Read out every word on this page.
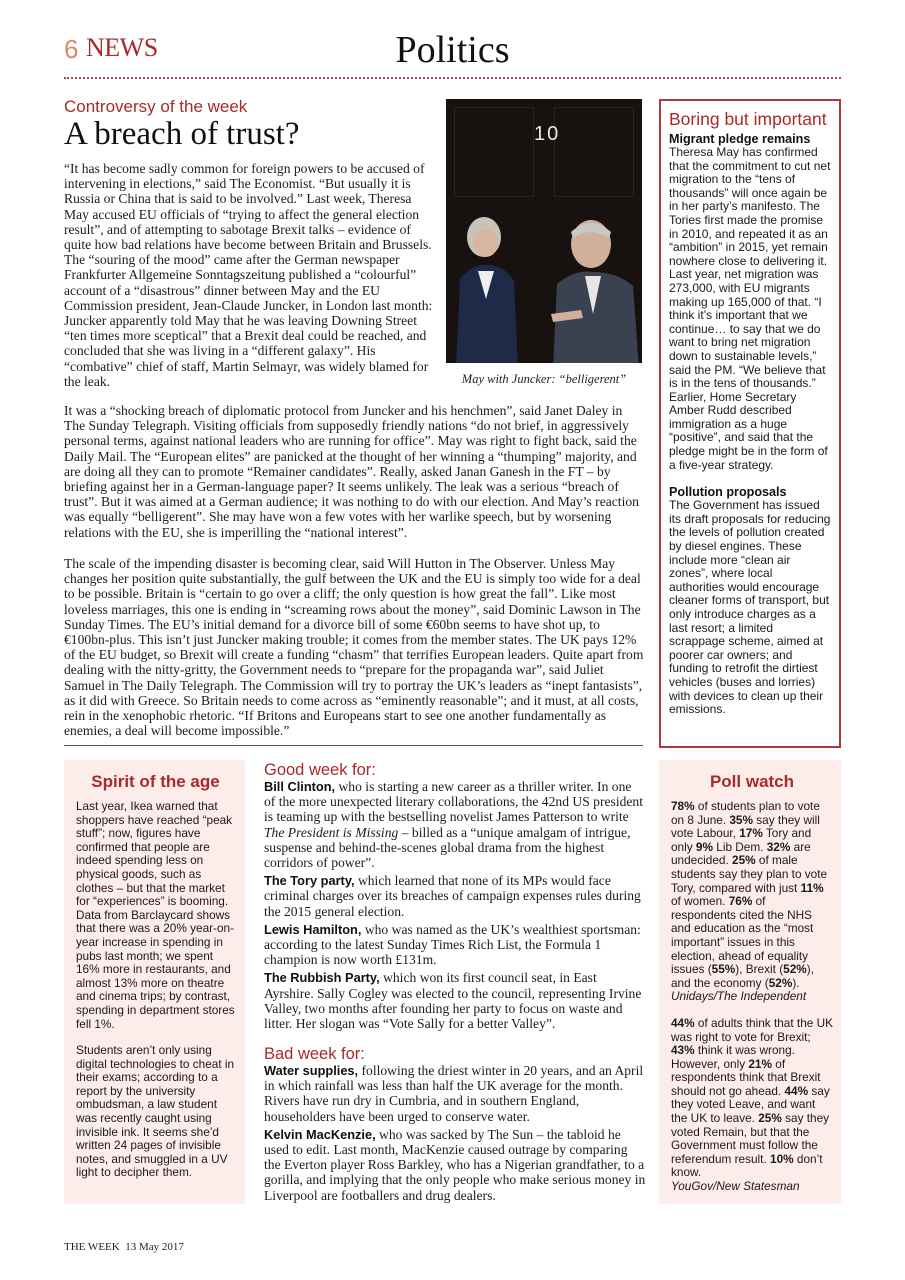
6 NEWS	Politics
Controversy of the week
A breach of trust?

“It has become sadly common for foreign powers to be accused of intervening in elections,” said The Economist. “But usually it is Russia or China that is said to be involved.” Last week, Theresa May accused EU officials of “trying to affect the general election result”, and of attempting to sabotage Brexit talks – evidence of quite how bad relations have become between Britain and Brussels. The “souring of the mood” came after the German newspaper Frankfurter Allgemeine Sonntagszeitung published a “colourful” account of a “disastrous” dinner between May and the EU Commission president, Jean-Claude Juncker, in London last month: Juncker apparently told May that he was leaving Downing Street “ten times more sceptical” that a Brexit deal could be reached, and concluded that she was living in a “different galaxy”. His “combative” chief of staff, Martin Selmayr, was widely blamed for the leak.

10
May with Juncker: “belligerent”

It was a “shocking breach of diplomatic protocol from Juncker and his henchmen”, said Janet Daley in The Sunday Telegraph. Visiting officials from supposedly friendly nations “do not brief, in aggressively personal terms, against national leaders who are running for office”. May was right to fight back, said the Daily Mail. The “European elites” are panicked at the thought of her winning a “thumping” majority, and are doing all they can to promote “Remainer candidates”. Really, asked Janan Ganesh in the FT – by briefing against her in a German-language paper? It seems unlikely. The leak was a serious “breach of trust”. But it was aimed at a German audience; it was nothing to do with our election. And May’s reaction was equally “belligerent”. She may have won a few votes with her warlike speech, but by worsening relations with the EU, she is imperilling the “national interest”.

The scale of the impending disaster is becoming clear, said Will Hutton in The Observer. Unless May changes her position quite substantially, the gulf between the UK and the EU is simply too wide for a deal to be possible. Britain is “certain to go over a cliff; the only question is how great the fall”. Like most loveless marriages, this one is ending in “screaming rows about the money”, said Dominic Lawson in The Sunday Times. The EU’s initial demand for a divorce bill of some €60bn seems to have shot up, to €100bn-plus. This isn’t just Juncker making trouble; it comes from the member states. The UK pays 12% of the EU budget, so Brexit will create a funding “chasm” that terrifies European leaders. Quite apart from dealing with the nitty-gritty, the Government needs to “prepare for the propaganda war”, said Juliet Samuel in The Daily Telegraph. The Commission will try to portray the UK’s leaders as “inept fantasists”, as it did with Greece. So Britain needs to come across as “eminently reasonable”; and it must, at all costs, rein in the xenophobic rhetoric. “If Britons and Europeans start to see one another fundamentally as enemies, a deal will become impossible.”

Boring but important
Migrant pledge remains
Theresa May has confirmed that the commitment to cut net migration to the “tens of thousands” will once again be in her party’s manifesto. The Tories first made the promise in 2010, and repeated it as an “ambition” in 2015, yet remain nowhere close to delivering it. Last year, net migration was 273,000, with EU migrants making up 165,000 of that. “I think it’s important that we continue… to say that we do want to bring net migration down to sustainable levels,” said the PM. “We believe that is in the tens of thousands.” Earlier, Home Secretary Amber Rudd described immigration as a huge “positive”, and said that the pledge might be in the form of a five-year strategy.
Pollution proposals
The Government has issued its draft proposals for reducing the levels of pollution created by diesel engines. These include more “clean air zones”, where local authorities would encourage cleaner forms of transport, but only introduce charges as a last resort; a limited scrappage scheme, aimed at poorer car owners; and funding to retrofit the dirtiest vehicles (buses and lorries) with devices to clean up their emissions.
Spirit of the age

Last year, Ikea warned that shoppers have reached “peak stuff”; now, figures have confirmed that people are indeed spending less on physical goods, such as clothes – but that the market for “experiences” is booming. Data from Barclaycard shows that there was a 20% year-on-year increase in spending in pubs last month; we spent 16% more in restaurants, and almost 13% more on theatre and cinema trips; by contrast, spending in department stores fell 1%.

Students aren’t only using digital technologies to cheat in their exams; according to a report by the university ombudsman, a law student was recently caught using invisible ink. It seems she’d written 24 pages of invisible notes, and smuggled in a UV light to decipher them.

Good week for:

Bill Clinton, who is starting a new career as a thriller writer. In one of the more unexpected literary collaborations, the 42nd US president is teaming up with the bestselling novelist James Patterson to write The President is Missing – billed as a “unique amalgam of intrigue, suspense and behind-the-scenes global drama from the highest corridors of power”.

The Tory party, which learned that none of its MPs would face criminal charges over its breaches of campaign expenses rules during the 2015 general election.

Lewis Hamilton, who was named as the UK’s wealthiest sportsman: according to the latest Sunday Times Rich List, the Formula 1 champion is now worth £131m.

The Rubbish Party, which won its first council seat, in East Ayrshire. Sally Cogley was elected to the council, representing Irvine Valley, two months after founding her party to focus on waste and litter. Her slogan was “Vote Sally for a better Valley”.

Bad week for:

Water supplies, following the driest winter in 20 years, and an April in which rainfall was less than half the UK average for the month. Rivers have run dry in Cumbria, and in southern England, householders have been urged to conserve water.

Kelvin MacKenzie, who was sacked by The Sun – the tabloid he used to edit. Last month, MacKenzie caused outrage by comparing the Everton player Ross Barkley, who has a Nigerian grandfather, to a gorilla, and implying that the only people who make serious money in Liverpool are footballers and drug dealers.

Poll watch

78% of students plan to vote on 8 June. 35% say they will vote Labour, 17% Tory and only 9% Lib Dem. 32% are undecided. 25% of male students say they plan to vote Tory, compared with just 11% of women. 76% of respondents cited the NHS and education as the “most important” issues in this election, ahead of equality issues (55%), Brexit (52%), and the economy (52%).

Unidays/The Independent

44% of adults think that the UK was right to vote for Brexit; 43% think it was wrong. However, only 21% of respondents think that Brexit should not go ahead. 44% say they voted Leave, and want the UK to leave. 25% say they voted Remain, but that the Government must follow the referendum result. 10% don’t know.

YouGov/New Statesman

THE WEEK 13 May 2017
